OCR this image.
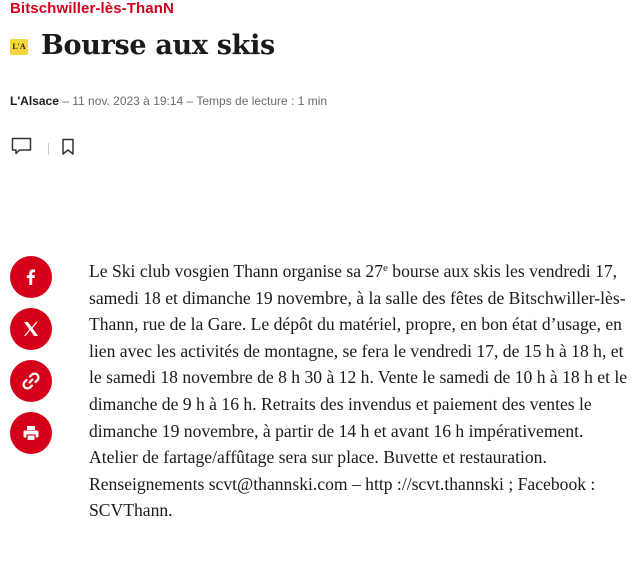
Bitschwiller-lès-ThanN
L'A Bourse aux skis
L'Alsace – 11 nov. 2023 à 19:14 – Temps de lecture : 1 min

Le Ski club vosgien Thann organise sa 27e bourse aux skis les vendredi 17, samedi 18 et dimanche 19 novembre, à la salle des fêtes de Bitschwiller-lès-Thann, rue de la Gare. Le dépôt du matériel, propre, en bon état d’usage, en lien avec les activités de montagne, se fera le vendredi 17, de 15 h à 18 h, et le samedi 18 novembre de 8 h 30 à 12 h. Vente le samedi de 10 h à 18 h et le dimanche de 9 h à 16 h. Retraits des invendus et paiement des ventes le dimanche 19 novembre, à partir de 14 h et avant 16 h impérativement. Atelier de fartage/affûtage sera sur place. Buvette et restauration. Renseignements scvt@thannski.com – http ://scvt.thannski ; Facebook : SCVThann.
